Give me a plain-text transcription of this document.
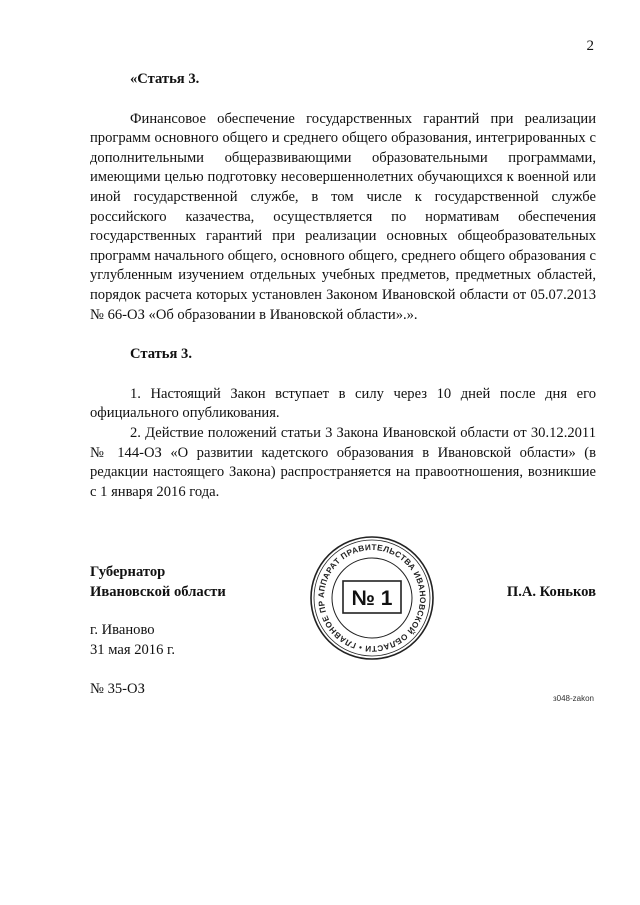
2
«Статья 3.

Финансовое обеспечение государственных гарантий при реализации программ основного общего и среднего общего образования, интегрированных с дополнительными общеразвивающими образовательными программами, имеющими целью подготовку несовершеннолетних обучающихся к военной или иной государственной службе, в том числе к государственной службе российского казачества, осуществляется по нормативам обеспечения государственных гарантий при реализации основных общеобразовательных программ начального общего, основного общего, среднего общего образования с углубленным изучением отдельных учебных предметов, предметных областей, порядок расчета которых установлен Законом Ивановской области от 05.07.2013 № 66-ОЗ «Об образовании в Ивановской области».».

Статья 3.

1. Настоящий Закон вступает в силу через 10 дней после дня его официального опубликования.

2. Действие положений статьи 3 Закона Ивановской области от 30.12.2011 № 144-ОЗ «О развитии кадетского образования в Ивановской области» (в редакции настоящего Закона) распространяется на правоотношения, возникшие с 1 января 2016 года.

Губернатор
Ивановской области	П.А. Коньков
г. Иваново
31 мая 2016 г.
№ 35-ОЗ
АППАРАТ ПРАВИТЕЛЬСТВА ИВАНОВСКОЙ ОБЛАСТИ • ГЛАВНОЕ ПР	№ 1
з048-zakon
